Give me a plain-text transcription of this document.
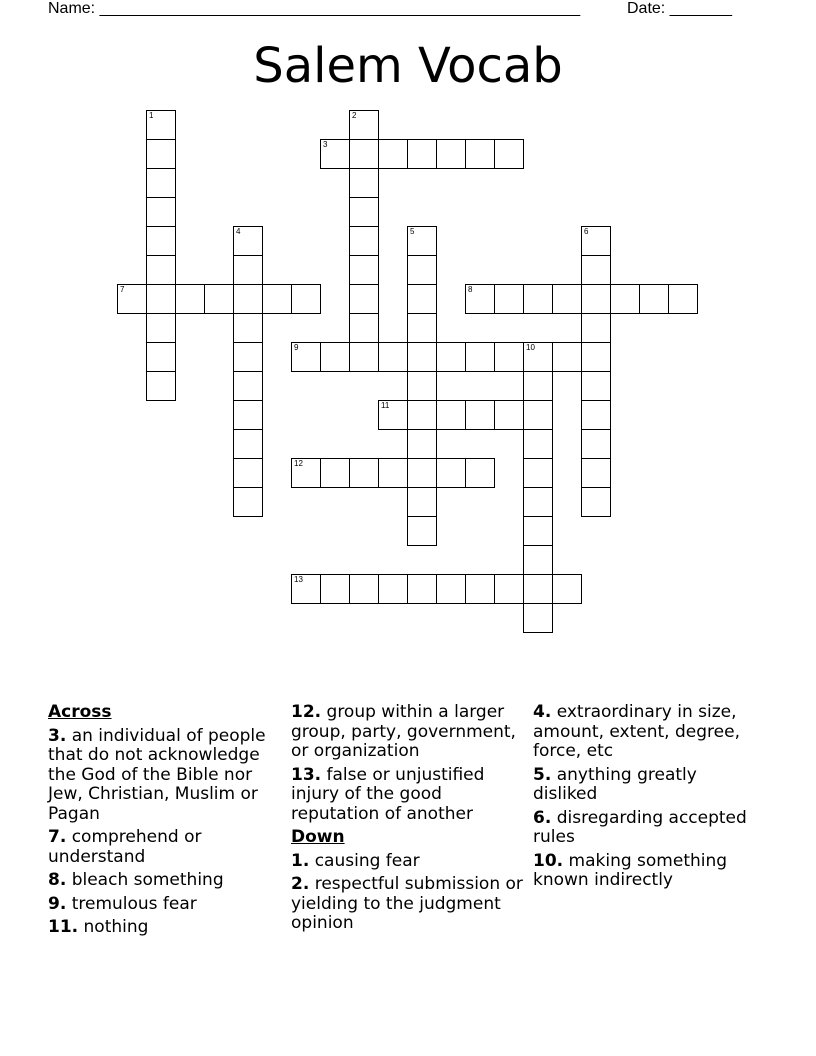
Name: ______________________________________________________	Date: _______
Salem Vocab
1	2
3
4	5	6
7	8
9	10
11
12
13
Across
3. an individual of people that do not acknowledge the God of the Bible nor Jew, Christian, Muslim or Pagan
7. comprehend or understand
8. bleach something
9. tremulous fear
11. nothing
12. group within a larger group, party, government, or organization
13. false or unjustified injury of the good reputation of another
Down
1. causing fear
2. respectful submission or yielding to the judgment opinion
4. extraordinary in size, amount, extent, degree, force, etc
5. anything greatly disliked
6. disregarding accepted rules
10. making something known indirectly
